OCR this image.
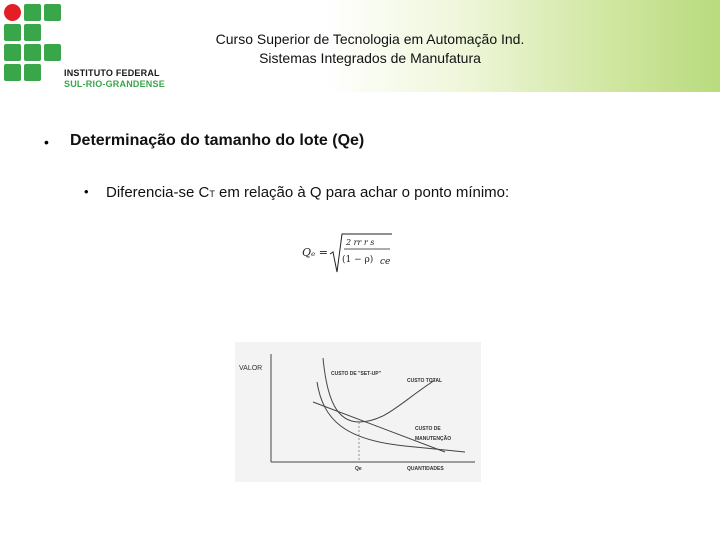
INSTITUTO FEDERAL
SUL-RIO-GRANDENSE
Curso Superior de Tecnologia em Automação Ind.
Sistemas Integrados de Manufatura
• Determinação do tamanho do lote (Qe)
• Diferencia-se CT em relação à Q para achar o ponto mínimo:
Qₑ =
2 rr r s
(1 − ρ) ce
VALOR
CUSTO DE "SET-UP"
CUSTO TOTAL
CUSTO DE
MANUTENÇÃO
Qe	QUANTIDADES
